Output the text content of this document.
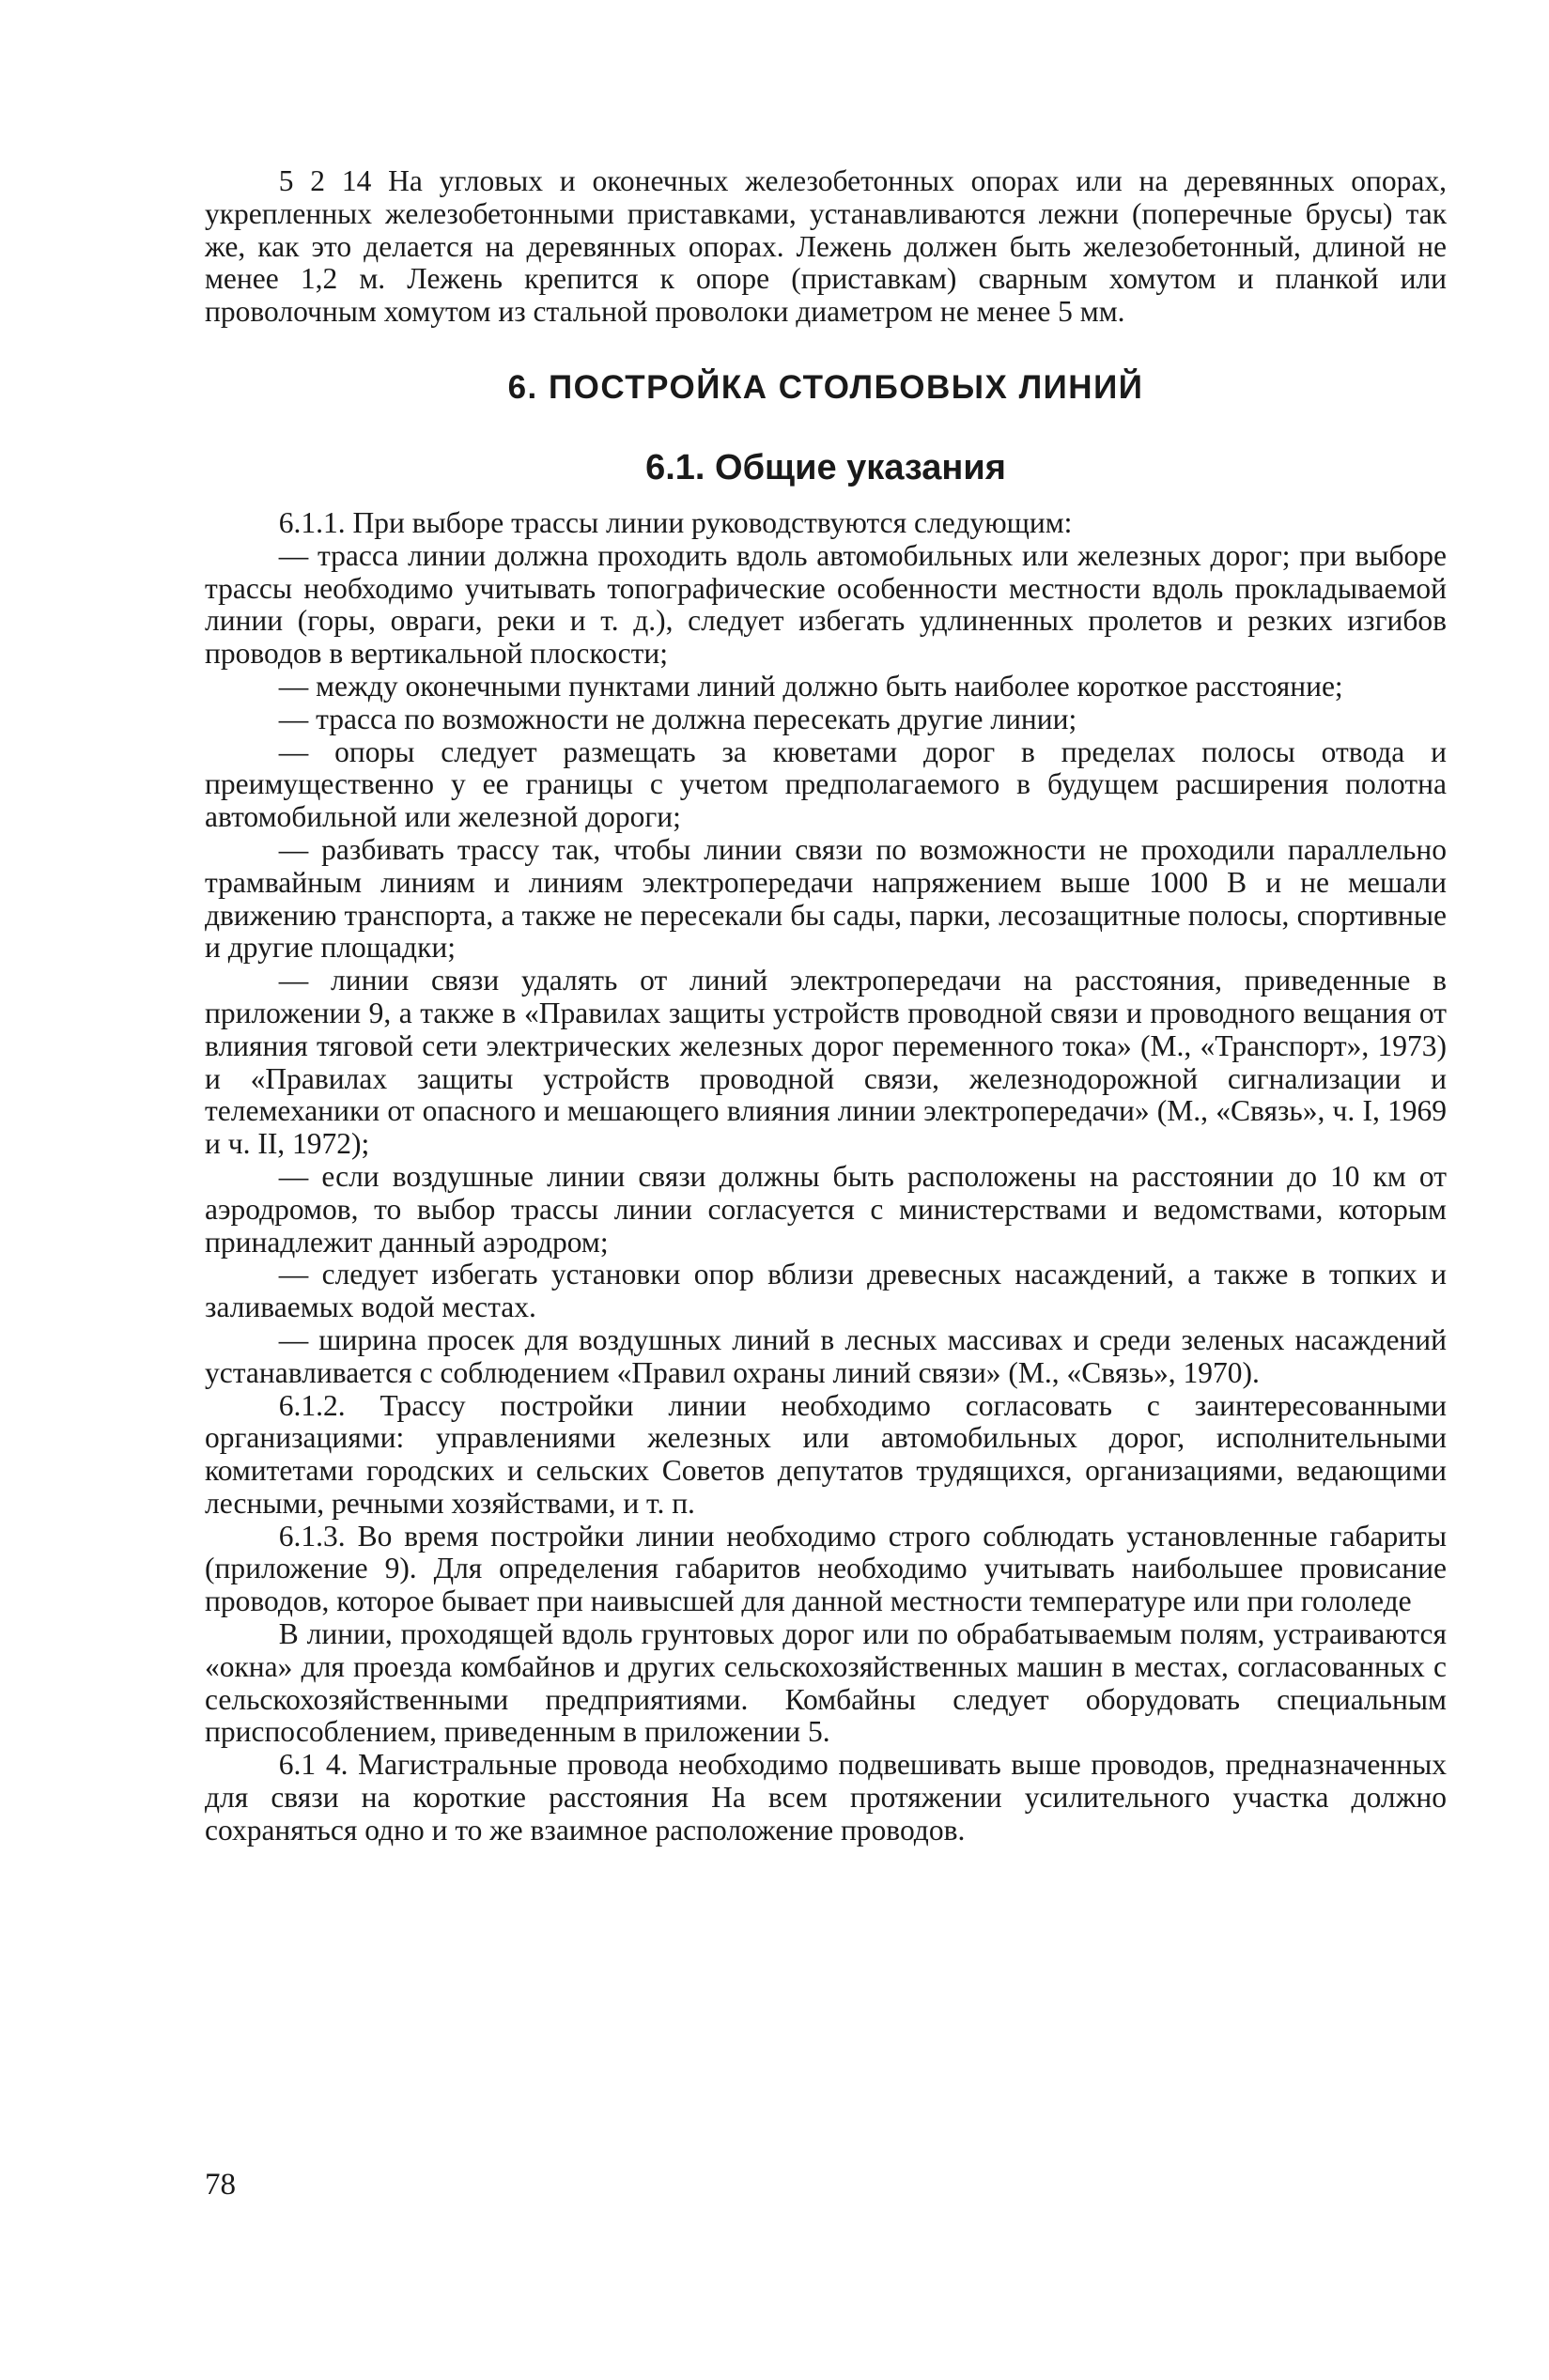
5 2 14 На угловых и оконечных железобетонных опорах или на деревянных опорах, укрепленных железобетонными приставками, устанавливаются лежни (поперечные брусы) так же, как это делается на деревянных опорах. Лежень должен быть железобетонный, длиной не менее 1,2 м. Лежень крепится к опоре (приставкам) сварным хомутом и планкой или проволочным хомутом из стальной проволоки диаметром не менее 5 мм.

6. ПОСТРОЙКА СТОЛБОВЫХ ЛИНИЙ
6.1. Общие указания

6.1.1. При выборе трассы линии руководствуются следующим:

— трасса линии должна проходить вдоль автомобильных или железных дорог; при выборе трассы необходимо учитывать топографические особенности местности вдоль прокладываемой линии (горы, овраги, реки и т. д.), следует избегать удлиненных пролетов и резких изгибов проводов в вертикальной плоскости;

— между оконечными пунктами линий должно быть наиболее короткое расстояние;

— трасса по возможности не должна пересекать другие линии;

— опоры следует размещать за кюветами дорог в пределах полосы отвода и преимущественно у ее границы с учетом предполагаемого в будущем расширения полотна автомобильной или железной дороги;

— разбивать трассу так, чтобы линии связи по возможности не проходили параллельно трамвайным линиям и линиям электропередачи напряжением выше 1000 В и не мешали движению транспорта, а также не пересекали бы сады, парки, лесозащитные полосы, спортивные и другие площадки;

— линии связи удалять от линий электропередачи на расстояния, приведенные в приложении 9, а также в «Правилах защиты устройств проводной связи и проводного вещания от влияния тяговой сети электрических железных дорог переменного тока» (М., «Транспорт», 1973) и «Правилах защиты устройств проводной связи, железнодорожной сигнализации и телемеханики от опасного и мешающего влияния линии электропередачи» (М., «Связь», ч. I, 1969 и ч. II, 1972);

— если воздушные линии связи должны быть расположены на расстоянии до 10 км от аэродромов, то выбор трассы линии согласуется с министерствами и ведомствами, которым принадлежит данный аэродром;

— следует избегать установки опор вблизи древесных насаждений, а также в топких и заливаемых водой местах.

— ширина просек для воздушных линий в лесных массивах и среди зеленых насаждений устанавливается с соблюдением «Правил охраны линий связи» (М., «Связь», 1970).

6.1.2. Трассу постройки линии необходимо согласовать с заинтересованными организациями: управлениями железных или автомобильных дорог, исполнительными комитетами городских и сельских Советов депутатов трудящихся, организациями, ведающими лесными, речными хозяйствами, и т. п.

6.1.3. Во время постройки линии необходимо строго соблюдать установленные габариты (приложение 9). Для определения габаритов необходимо учитывать наибольшее провисание проводов, которое бывает при наивысшей для данной местности температуре или при гололеде

В линии, проходящей вдоль грунтовых дорог или по обрабатываемым полям, устраиваются «окна» для проезда комбайнов и других сельскохозяйственных машин в местах, согласованных с сельскохозяйственными предприятиями. Комбайны следует оборудовать специальным приспособлением, приведенным в приложении 5.

6.1 4. Магистральные провода необходимо подвешивать выше проводов, предназначенных для связи на короткие расстояния На всем протяжении усилительного участка должно сохраняться одно и то же взаимное расположение проводов.

78
